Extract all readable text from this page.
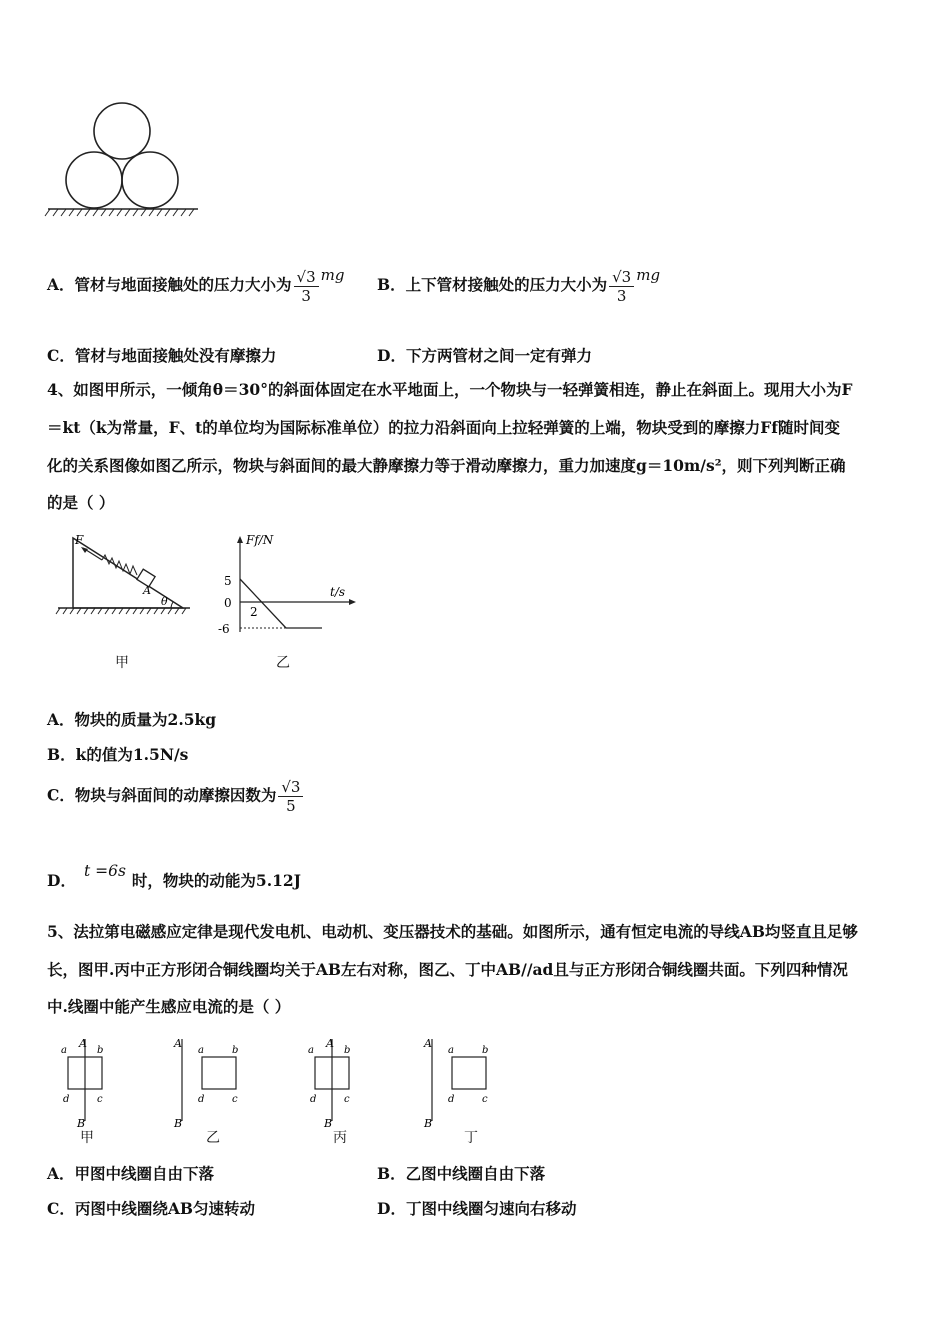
A．管材与地面接触处的压力大小为 $\frac{√3}{3}$ mg B．上下管材接触处的压力大小为 $\frac{√3}{3}$ mg
C．管材与地面接触处没有摩擦力	D．下方两管材之间一定有弹力
4、如图甲所示，一倾角θ＝30°的斜面体固定在水平地面上，一个物块与一轻弹簧相连，静止在斜面上。现用大小为F
＝kt（k为常量，F、t的单位均为国际标准单位）的拉力沿斜面向上拉轻弹簧的上端，物块受到的摩擦力Ff随时间变
化的关系图像如图乙所示，物块与斜面间的最大静摩擦力等于滑动摩擦力，重力加速度g＝10m/s²，则下列判断正确
的是（ ）
F
A
θ
甲
Ff/N
t/s
5
0
-6
2
乙
A．物块的质量为2.5kg
B．k的值为1.5N/s
C．物块与斜面间的动摩擦因数为 $\frac{√3}{5}$
D． t =6s 时，物块的动能为5.12J
5、法拉第电磁感应定律是现代发电机、电动机、变压器技术的基础。如图所示，通有恒定电流的导线AB均竖直且足够
长，图甲.丙中正方形闭合铜线圈均关于AB左右对称，图乙、丁中AB//ad且与正方形闭合铜线圈共面。下列四种情况
中.线圈中能产生感应电流的是（ ）
A
B
a	b
d	c
甲
A
B
a	b
d	c
乙
A
B
a	b
d	c
丙
A
B
a	b
d	c
丁
A．甲图中线圈自由下落	B．乙图中线圈自由下落
C．丙图中线圈绕AB匀速转动	D．丁图中线圈匀速向右移动
